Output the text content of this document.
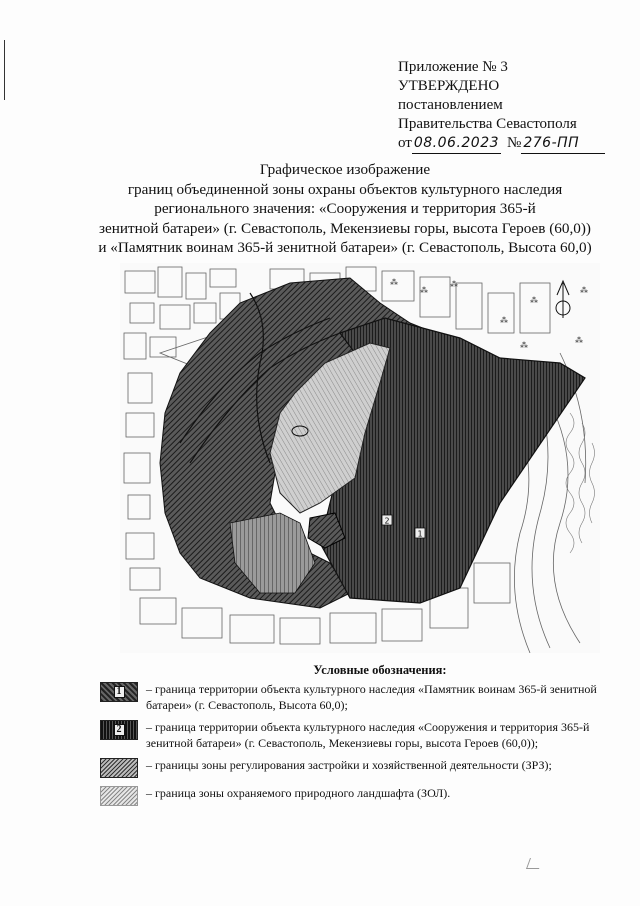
Приложение № 3
УТВЕРЖДЕНО
постановлением
Правительства Севастополя
от 08.06.2023 № 276-ПП
Графическое изображение
границ объединенной зоны охраны объектов культурного наследия
регионального значения: «Сооружения и территория 365-й
зенитной батареи» (г. Севастополь, Мекензиевы горы, высота Героев (60,0))
и «Памятник воинам 365-й зенитной батареи» (г. Севастополь, Высота 60,0)
⁂
⁂
⁂
⁂
⁂
⁂
⁂
⁂
1
2
Условные обозначения:
1 – граница территории объекта культурного наследия «Памятник воинам 365-й зенитной батареи» (г. Севастополь, Высота 60,0);
2 – граница территории объекта культурного наследия «Сооружения и территория 365-й зенитной батареи» (г. Севастополь, Мекензиевы горы, высота Героев (60,0));
– границы зоны регулирования застройки и хозяйственной деятельности (ЗРЗ);
– граница зоны охраняемого природного ландшафта (ЗОЛ).
